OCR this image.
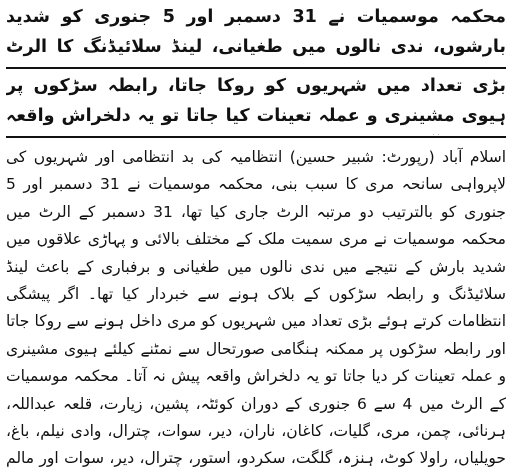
محکمہ موسمیات نے 31 دسمبر اور 5 جنوری کو شدید بارشوں، ندی نالوں میں طغیانی، لینڈ سلائیڈنگ کا الرٹ
بڑی تعداد میں شہریوں کو روکا جاتا، رابطہ سڑکوں پر ہیوی مشینری و عملہ تعینات کیا جاتا تو یہ دلخراش واقعہ
اسلام آباد (رپورٹ: شبیر حسین) انتظامیہ کی بد انتظامی اور شہریوں کی لاپرواہی سانحہ مری کا سبب بنی، محکمہ موسمیات نے 31 دسمبر اور 5 جنوری کو بالترتیب دو مرتبہ الرٹ جاری کیا تھا، 31 دسمبر کے الرٹ میں محکمہ موسمیات نے مری سمیت ملک کے مختلف بالائی و پہاڑی علاقوں میں شدید بارش کے نتیجے میں ندی نالوں میں طغیانی و برفباری کے باعث لینڈ سلائیڈنگ و رابطہ سڑکوں کے بلاک ہونے سے خبردار کیا تھا۔ اگر پیشگی انتظامات کرتے ہوئے بڑی تعداد میں شہریوں کو مری داخل ہونے سے روکا جاتا اور رابطہ سڑکوں پر ممکنہ ہنگامی صورتحال سے نمٹنے کیلئے ہیوی مشینری و عملہ تعینات کر دیا جاتا تو یہ دلخراش واقعہ پیش نہ آتا۔ محکمہ موسمیات کے الرٹ میں 4 سے 6 جنوری کے دوران کوئٹہ، پشین، زیارت، قلعہ عبداللہ، ہرنائی، چمن، مری، گلیات، کاغان، ناران، دیر، سوات، چترال، وادی نیلم، باغ، حویلیاں، راولا کوٹ، ہنزہ، گلگت، سکردو، استور، چترال، دیر، سوات اور مالم
